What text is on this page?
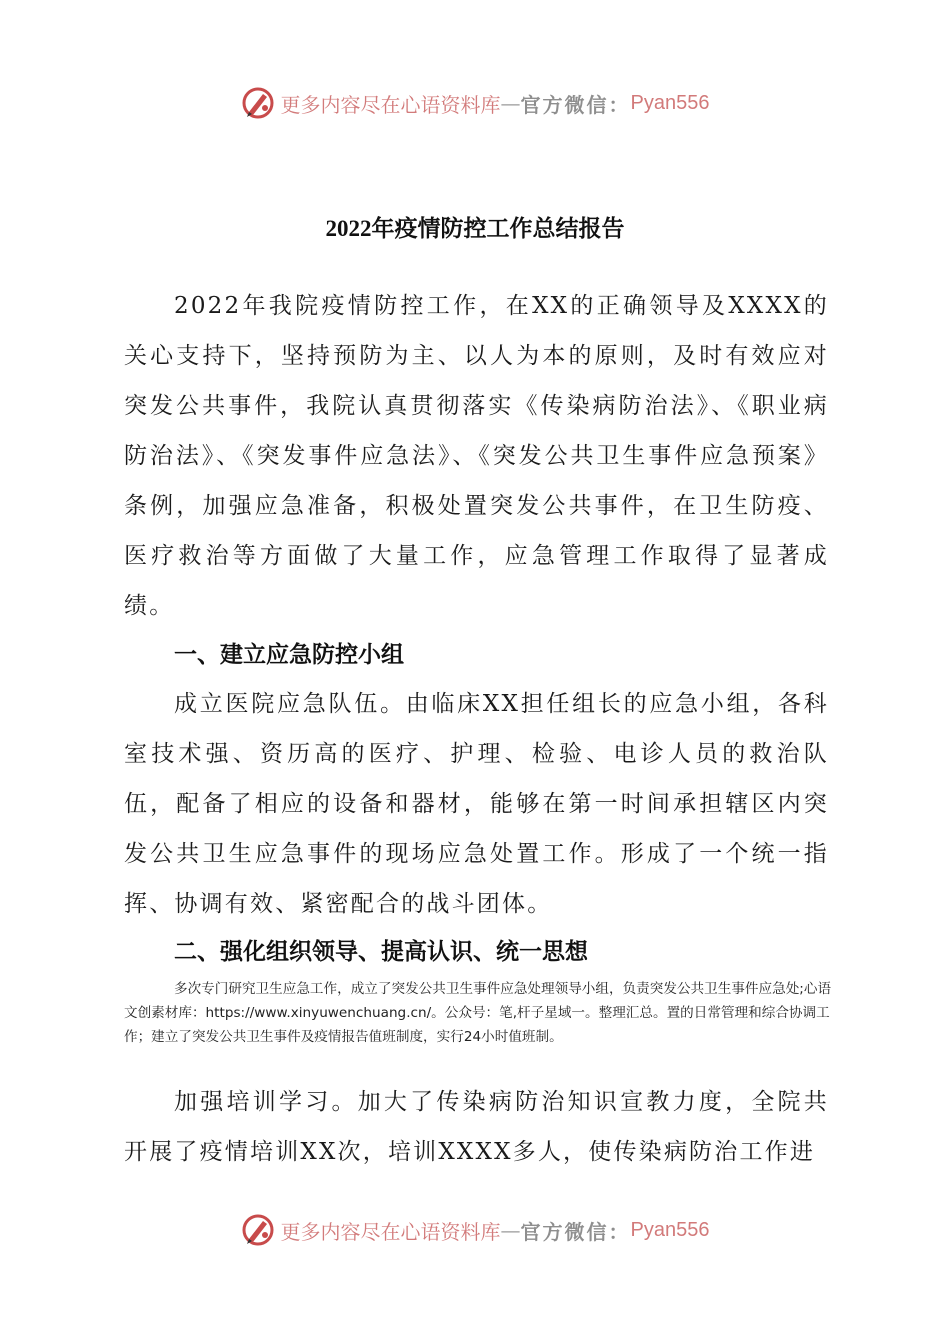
更多内容尽在心语资料库 — 官方微信： Pyan556
2022年疫情防控工作总结报告

2022年我院疫情防控工作，在XX的正确领导及XXXX的关心支持下，坚持预防为主、以人为本的原则，及时有效应对突发公共事件，我院认真贯彻落实《传染病防治法》、《职业病防治法》、《突发事件应急法》、《突发公共卫生事件应急预案》条例，加强应急准备，积极处置突发公共事件，在卫生防疫、医疗救治等方面做了大量工作，应急管理工作取得了显著成绩。

一、建立应急防控小组

成立医院应急队伍。由临床XX担任组长的应急小组，各科室技术强、资历高的医疗、护理、检验、电诊人员的救治队伍，配备了相应的设备和器材，能够在第一时间承担辖区内突发公共卫生应急事件的现场应急处置工作。形成了一个统一指挥、协调有效、紧密配合的战斗团体。

二、强化组织领导、提高认识、统一思想

多次专门研究卫生应急工作，成立了突发公共卫生事件应急处理领导小组，负责突发公共卫生事件应急处;心语文创素材库：https://www.xinyuwenchuang.cn/。公众号：笔,杆子星域一。整理汇总。置的日常管理和综合协调工作；建立了突发公共卫生事件及疫情报告值班制度，实行24小时值班制。

加强培训学习。加大了传染病防治知识宣教力度，全院共开展了疫情培训XX次，培训XXXX多人，使传染病防治工作进

更多内容尽在心语资料库 — 官方微信： Pyan556
